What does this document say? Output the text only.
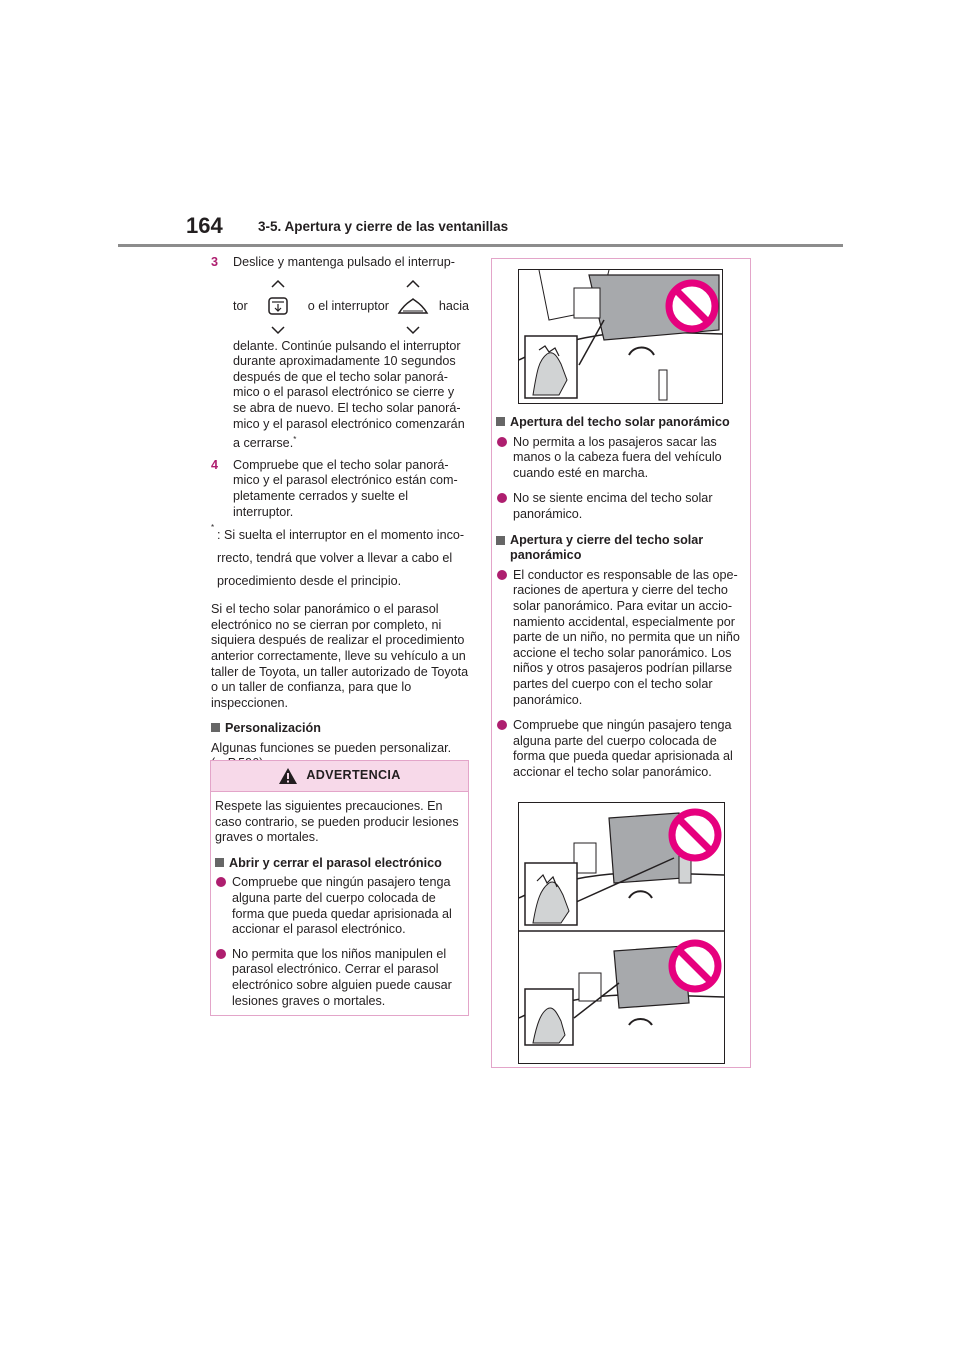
164	3-5. Apertura y cierre de las ventanillas
3	Deslice y mantenga pulsado el interrup-
tor	o el interruptor	hacia
delante. Continúe pulsando el interruptor durante aproximadamente 10 segundos después de que el techo solar panorá- mico o el parasol electrónico se cierre y se abra de nuevo. El techo solar panorá- mico y el parasol electrónico comenzarán
a cerrarse.*
4	Compruebe que el techo solar panorá- mico y el parasol electrónico están com- pletamente cerrados y suelte el interruptor.
*
: Si suelta el interruptor en el momento inco- rrecto, tendrá que volver a llevar a cabo el procedimiento desde el principio.
Si el techo solar panorámico o el parasol electrónico no se cierran por completo, ni siquiera después de realizar el procedimiento anterior correctamente, lleve su vehículo a un taller de Toyota, un taller autorizado de Toyota o un taller de confianza, para que lo inspeccionen.
Personalización
Algunas funciones se pueden personalizar.
ADVERTENCIA
Respete las siguientes precauciones. En caso contrario, se pueden producir lesiones graves o mortales.
Abrir y cerrar el parasol electrónico
Compruebe que ningún pasajero tenga alguna parte del cuerpo colocada de forma que pueda quedar aprisionada al accionar el parasol electrónico.
No permita que los niños manipulen el parasol electrónico. Cerrar el parasol electrónico sobre alguien puede causar lesiones graves o mortales.
Apertura del techo solar panorámico
No permita a los pasajeros sacar las manos o la cabeza fuera del vehículo cuando esté en marcha.
No se siente encima del techo solar panorámico.
Apertura y cierre del techo solar panorámico
El conductor es responsable de las ope- raciones de apertura y cierre del techo solar panorámico. Para evitar un accio- namiento accidental, especialmente por parte de un niño, no permita que un niño accione el techo solar panorámico. Los niños y otros pasajeros podrían pillarse partes del cuerpo con el techo solar panorámico.
Compruebe que ningún pasajero tenga alguna parte del cuerpo colocada de forma que pueda quedar aprisionada al accionar el techo solar panorámico.
